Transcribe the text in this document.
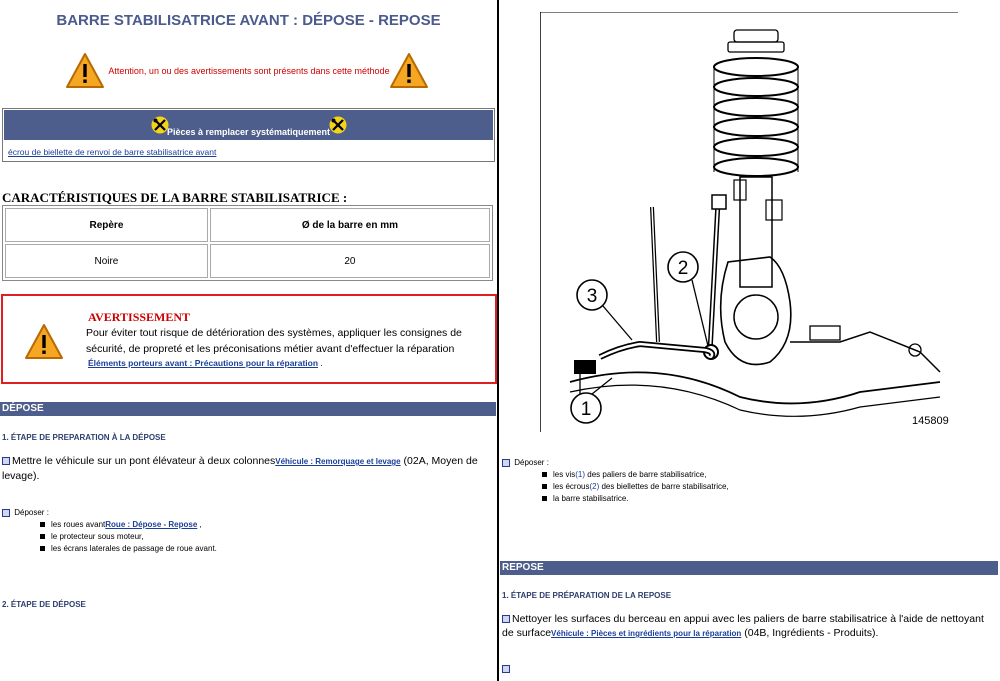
BARRE STABILISATRICE AVANT : DÉPOSE - REPOSE
Attention, un ou des avertissements sont présents dans cette méthode
Pièces à remplacer systématiquement
écrou de biellette de renvoi de barre stabilisatrice avant
CARACTÉRISTIQUES DE LA BARRE STABILISATRICE :
Repère	Ø de la barre en mm
Noire	20
AVERTISSEMENT
Pour éviter tout risque de détérioration des systèmes, appliquer les consignes de sécurité, de propreté et les préconisations métier avant d'effectuer la réparation
Éléments porteurs avant : Précautions pour la réparation .
DÉPOSE
1. ÉTAPE DE PREPARATION À LA DÉPOSE
Mettre le véhicule sur un pont élévateur à deux colonnesVéhicule : Remorquage et levage (02A, Moyen de levage).
Déposer :
les roues avantRoue : Dépose - Repose ,
le protecteur sous moteur,
les écrans laterales de passage de roue avant.
2. ÉTAPE DE DÉPOSE
3
2
1
145809
Déposer :
les vis(1) des paliers de barre stabilisatrice,
les écrous(2) des biellettes de barre stabilisatrice,
la barre stabilisatrice.
REPOSE
1. ÉTAPE DE PRÉPARATION DE LA REPOSE
Nettoyer les surfaces du berceau en appui avec les paliers de barre stabilisatrice à l'aide de nettoyant de surfaceVéhicule : Pièces et ingrédients pour la réparation (04B, Ingrédients - Produits).
